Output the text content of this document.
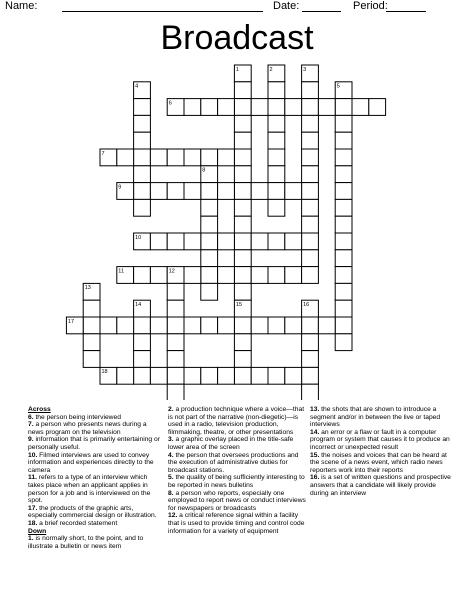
Name:	Date:	Period:
Broadcast
1	2	3
4	5
6
7
8
9
10
11	12
13
14	15	16
17
18
Across
6. the person being interviewed
7. a person who presents news during a news program on the television
9. information that is primarily entertaining or personally useful.
10. Filmed interviews are used to convey information and experiences directly to the camera
11. refers to a type of an interview which takes place when an applicant applies in person for a job and is interviewed on the spot.
17. the products of the graphic arts, especially commercial design or illustration.
18. a brief recorded statement
Down
1. is normally short, to the point, and to illustrate a bulletin or news item
2. a production technique where a voice—that is not part of the narrative (non-diegetic)—is used in a radio, television production, filmmaking, theatre, or other presentations
3. a graphic overlay placed in the title-safe lower area of the screen
4. the person that oversees productions and the execution of administrative duties for broadcast stations.
5. the quality of being sufficiently interesting to be reported in news bulletins
8. a person who reports, especially one employed to report news or conduct interviews for newspapers or broadcasts
12. a critical reference signal within a facility that is used to provide timing and control code information for a variety of equipment
13. the shots that are shown to introduce a segment and/or in between the live or taped interviews
14. an error or a flaw or fault in a computer program or system that causes it to produce an incorrect or unexpected result
15. the noises and voices that can be heard at the scene of a news event, which radio news reporters work into their reports
16. is a set of written questions and prospective answers that a candidate will likely provide during an interview
